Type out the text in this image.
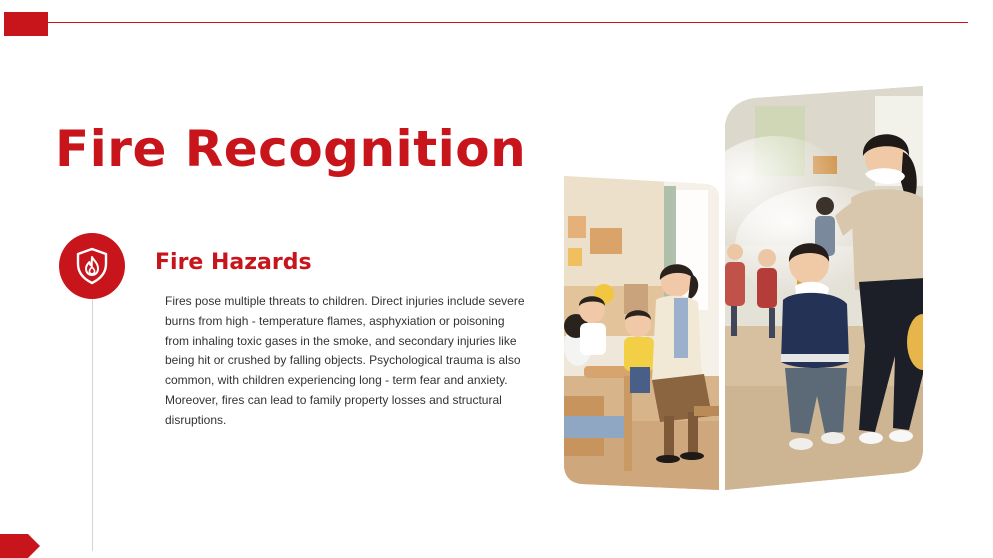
Fire Recognition
Fire Hazards

Fires pose multiple threats to children. Direct injuries include severe burns from high - temperature flames, asphyxiation or poisoning from inhaling toxic gases in the smoke, and secondary injuries like being hit or crushed by falling objects. Psychological trauma is also common, with children experiencing long - term fear and anxiety. Moreover, fires can lead to family property losses and structural disruptions.
